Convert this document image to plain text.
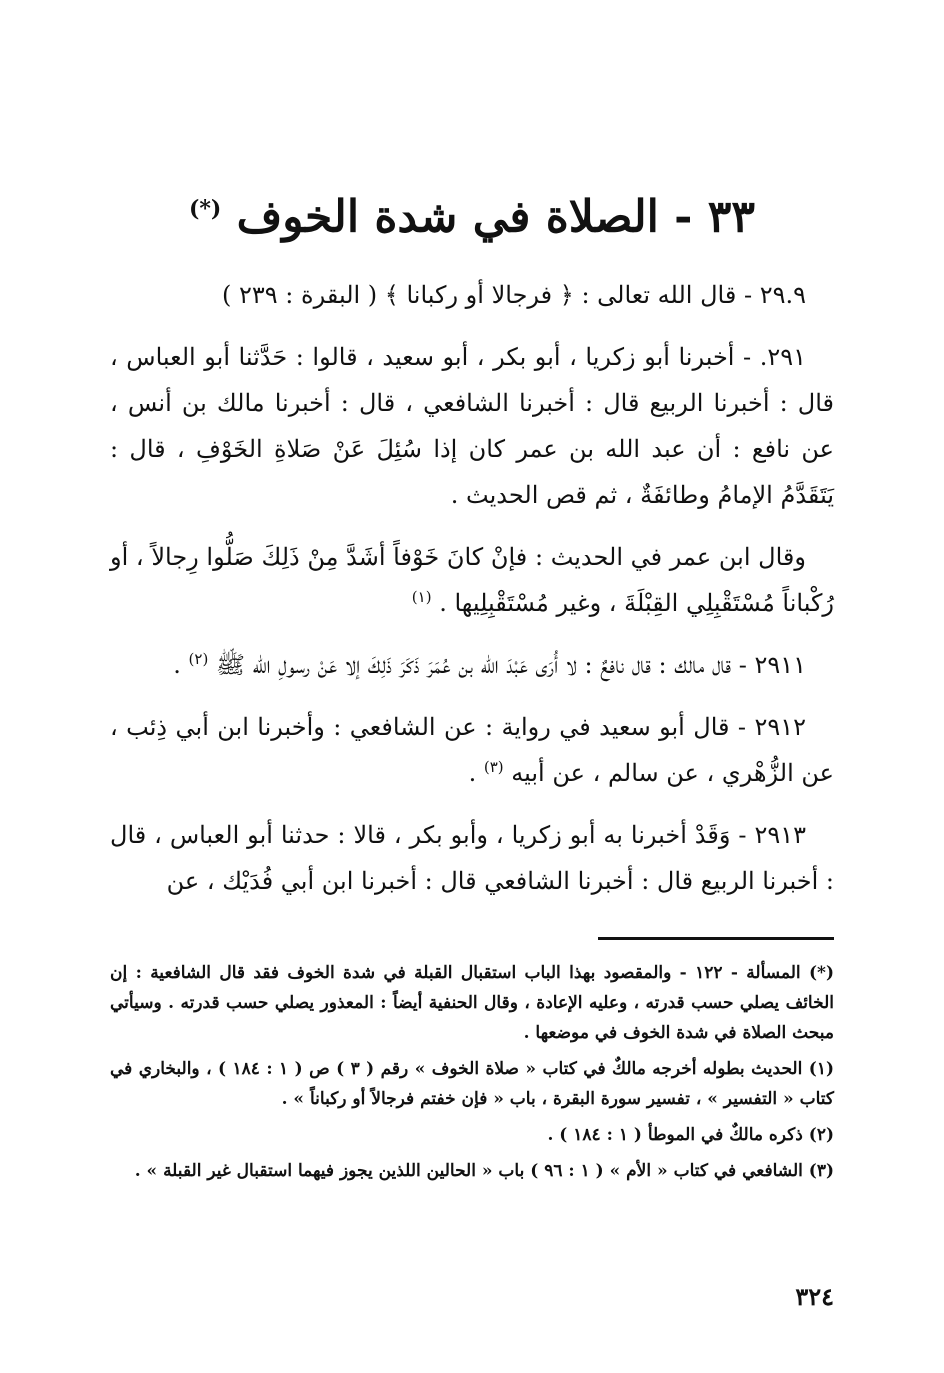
٣٣ - الصلاة في شدة الخوف (*)

٢٩.٩ - قال الله تعالى : ﴿ فرجالا أو ركبانا ﴾ ( البقرة : ٢٣٩ )

٢٩١. - أخبرنا أبو زكريا ، أبو بكر ، أبو سعيد ، قالوا : حَدَّثنا أبو العباس ، قال : أخبرنا الربيع قال : أخبرنا الشافعي ، قال : أخبرنا مالك بن أنس ، عن نافع : أن عبد الله بن عمر كان إذا سُئِلَ عَنْ صَلاةِ الخَوْفِ ، قال : يَتَقَدَّمُ الإمامُ وطائفَةٌ ، ثم قص الحديث .

وقال ابن عمر في الحديث : فإنْ كانَ خَوْفاً أشَدَّ مِنْ ذَلِكَ صَلُّوا رِجالاً ، أو رُكْباناً مُسْتَقْبِلِي القِبْلَةَ ، وغير مُسْتَقْبِلِيها . $^{(١)}$

٢٩١١ - قال مالك : قال نافعٌ : لا أُرَى عَبْدَ الله بن عُمَرَ ذَكَرَ ذَلِكَ إلا عَنْ رسولِ الله ﷺ $^{(٢)}$ .

٢٩١٢ - قال أبو سعيد في رواية : عن الشافعي : وأخبرنا ابن أبي ذِئب ، عن الزُّهْري ، عن سالم ، عن أبيه $^{(٣)}$ .

٢٩١٣ - وَقَدْ أخبرنا به أبو زكريا ، وأبو بكر ، قالا : حدثنا أبو العباس ، قال : أخبرنا الربيع قال : أخبرنا الشافعي قال : أخبرنا ابن أبي فُدَيْك ، عن

(*) المسألة - ١٢٢ - والمقصود بهذا الباب استقبال القبلة في شدة الخوف فقد قال الشافعية : إن الخائف يصلي حسب قدرته ، وعليه الإعادة ، وقال الحنفية أيضاً : المعذور يصلي حسب قدرته . وسيأتي مبحث الصلاة في شدة الخوف في موضعها .

(١) الحديث بطوله أخرجه مالكٌ في كتاب « صلاة الخوف » رقم ( ٣ ) ص ( ١ : ١٨٤ ) ، والبخاري في كتاب « التفسير » ، تفسير سورة البقرة ، باب « فإن خفتم فرجالاً أو ركباناً » .

(٢) ذكره مالكٌ في الموطأ ( ١ : ١٨٤ ) .

(٣) الشافعي في كتاب « الأم » ( ١ : ٩٦ ) باب « الحالين اللذين يجوز فيهما استقبال غير القبلة » .

٣٢٤
